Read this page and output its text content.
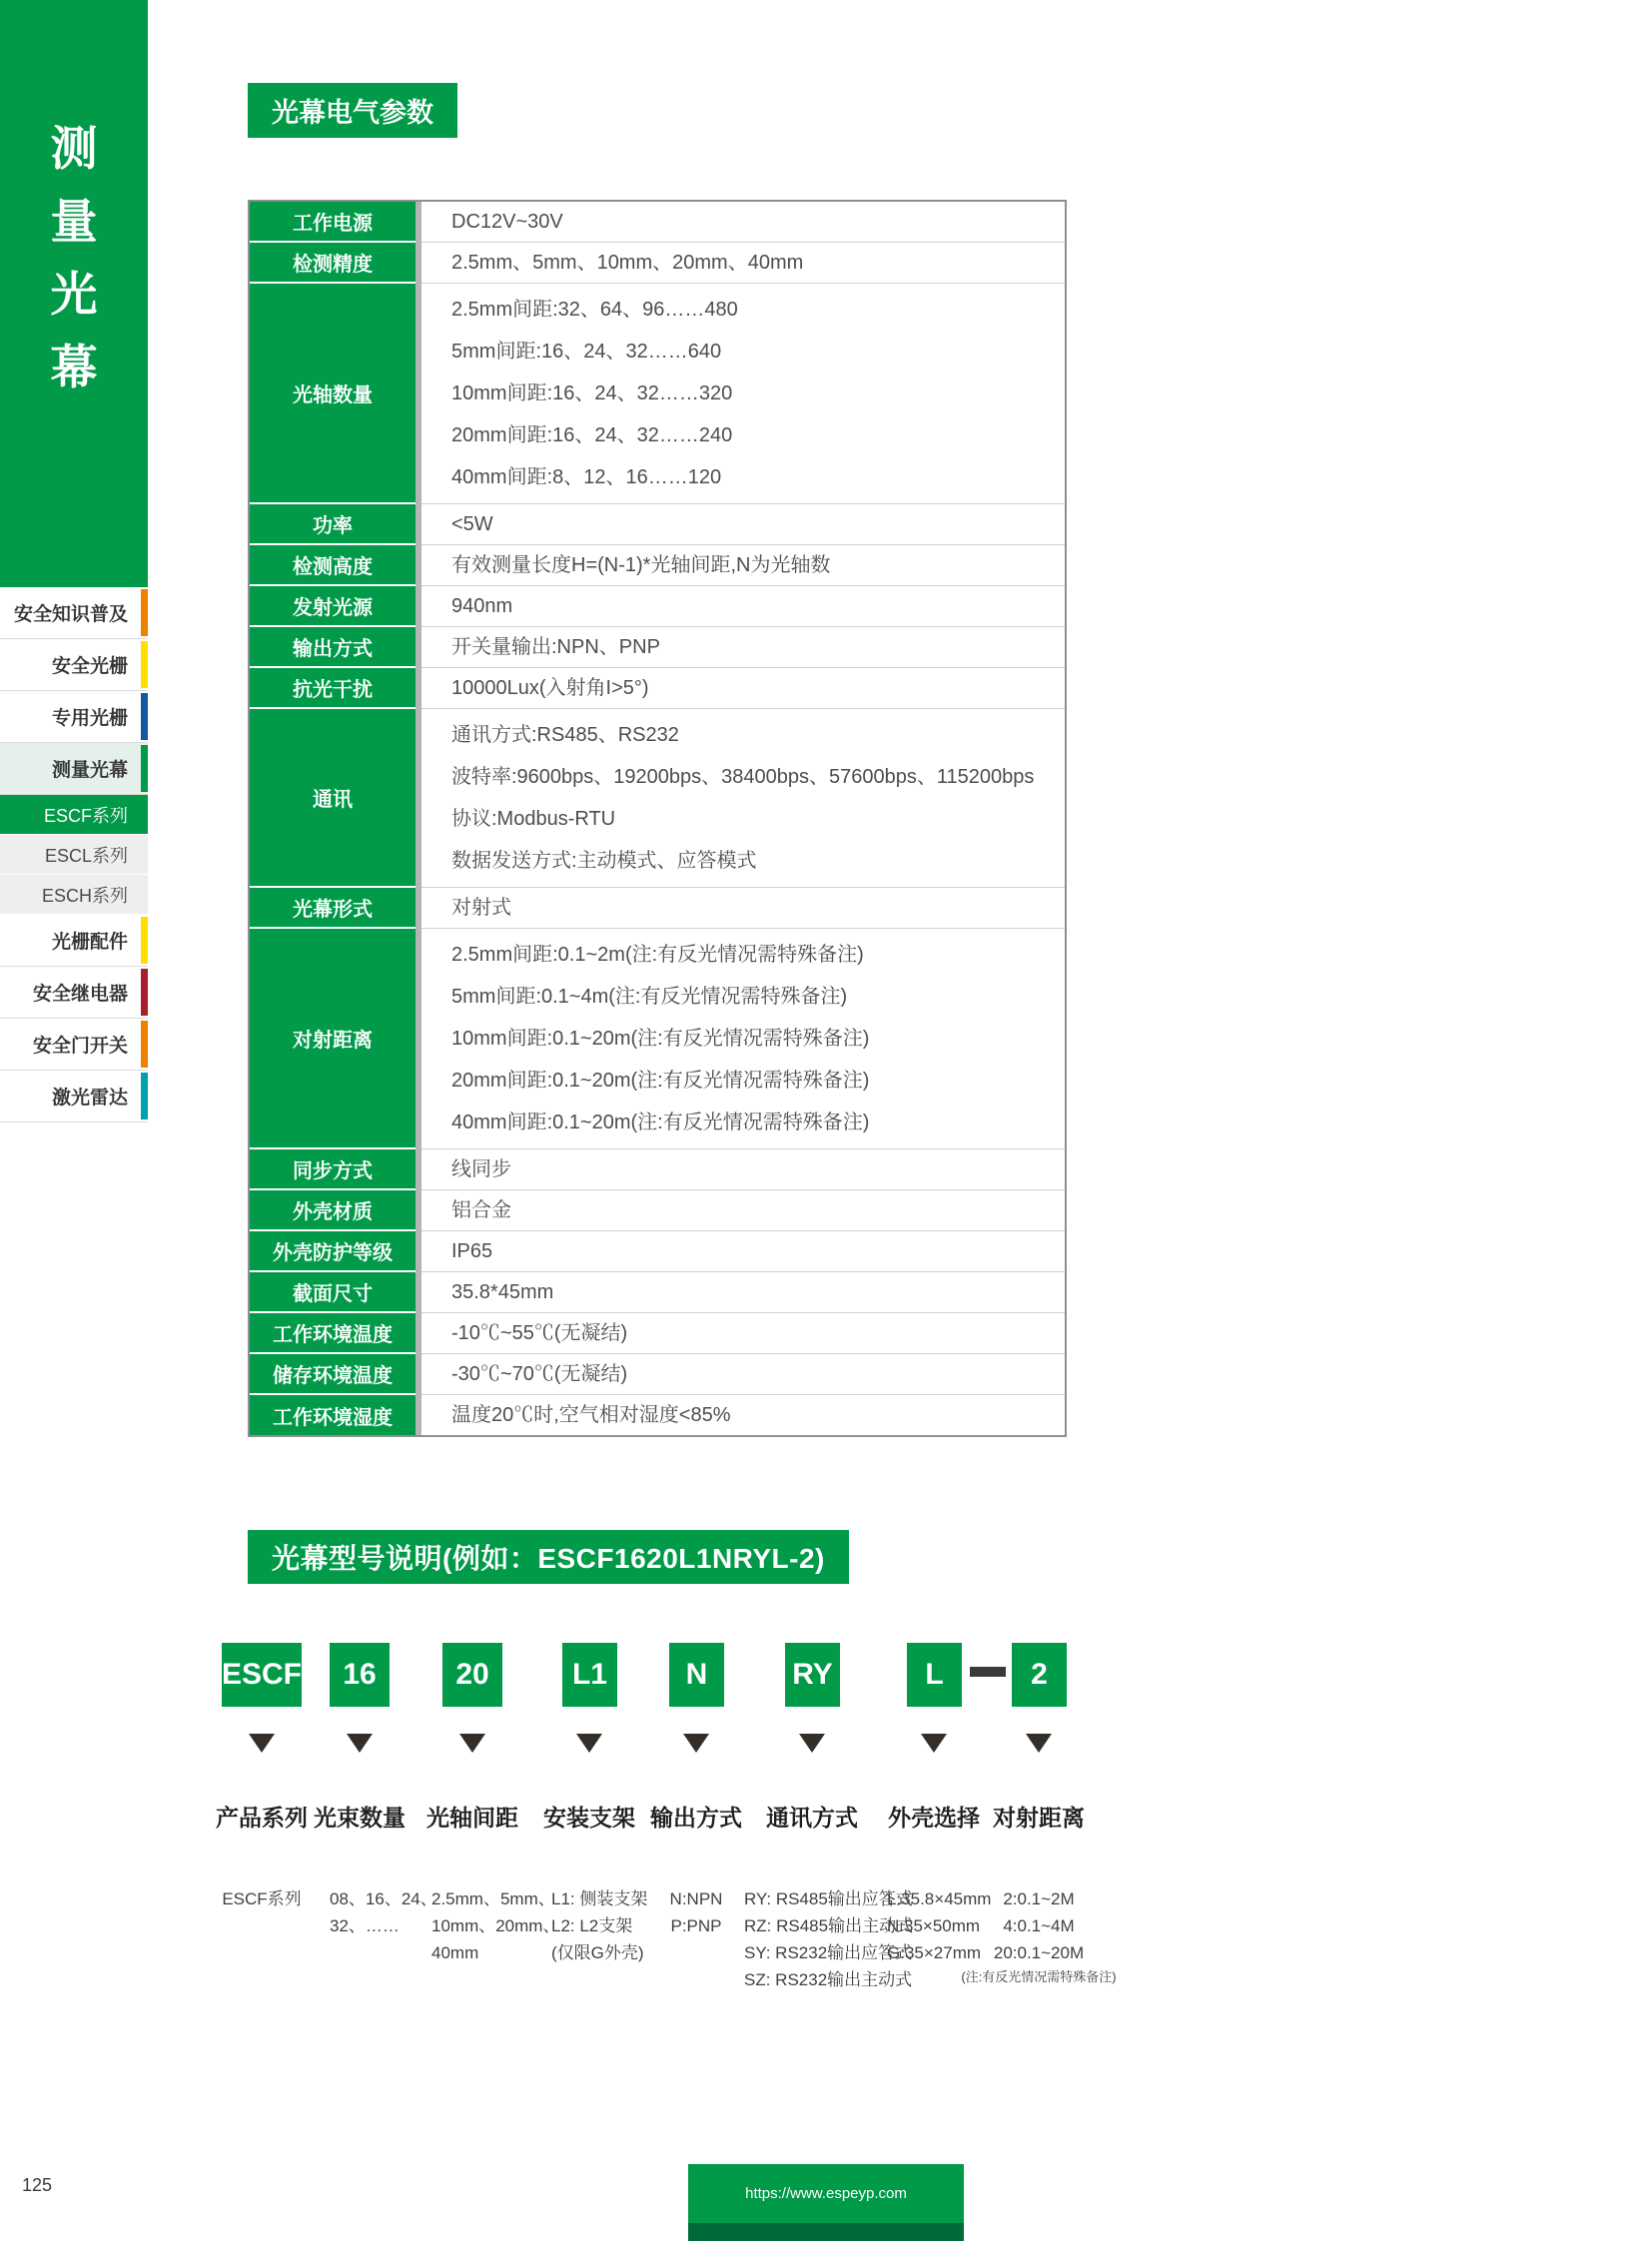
测
量
光
幕
安全知识普及
安全光栅
专用光栅
测量光幕
ESCF系列
ESCL系列
ESCH系列
光栅配件
安全继电器
安全门开关
激光雷达
光幕电气参数
工作电源	DC12V~30V
检测精度	2.5mm、5mm、10mm、20mm、40mm
光轴数量
2.5mm间距:32、64、96……480
5mm间距:16、24、32……640
10mm间距:16、24、32……320
20mm间距:16、24、32……240
40mm间距:8、12、16……120
功率	<5W
检测高度	有效测量长度H=(N-1)*光轴间距,N为光轴数
发射光源	940nm
输出方式	开关量输出:NPN、PNP
抗光干扰	10000Lux(入射角I>5°)
通讯
通讯方式:RS485、RS232
波特率:9600bps、19200bps、38400bps、57600bps、115200bps
协议:Modbus-RTU
数据发送方式:主动模式、应答模式
光幕形式	对射式
对射距离
2.5mm间距:0.1~2m(注:有反光情况需特殊备注)
5mm间距:0.1~4m(注:有反光情况需特殊备注)
10mm间距:0.1~20m(注:有反光情况需特殊备注)
20mm间距:0.1~20m(注:有反光情况需特殊备注)
40mm间距:0.1~20m(注:有反光情况需特殊备注)
同步方式	线同步
外壳材质	铝合金
外壳防护等级	IP65
截面尺寸	35.8*45mm
工作环境温度	-10℃~55℃(无凝结)
储存环境温度	-30℃~70℃(无凝结)
工作环境湿度	温度20℃时,空气相对湿度<85%
光幕型号说明(例如：ESCF1620L1NRYL-2)
ESCF
产品系列
ESCF系列
16
光束数量
08、16、24、
32、……
20
光轴间距
2.5mm、5mm、
10mm、20mm、
40mm
L1
安装支架
L1: 侧装支架
L2: L2支架
(仅限G外壳)
N
输出方式
N:NPN
P:PNP
RY
通讯方式
RY: RS485输出应答式
RZ: RS485输出主动式
SY: RS232输出应答式
SZ: RS232输出主动式
L
外壳选择
L:35.8×45mm
N:35×50mm
G:35×27mm
2
对射距离
2:0.1~2M
4:0.1~4M
20:0.1~20M
(注:有反光情况需特殊备注)
125	https://www.espeyp.com
